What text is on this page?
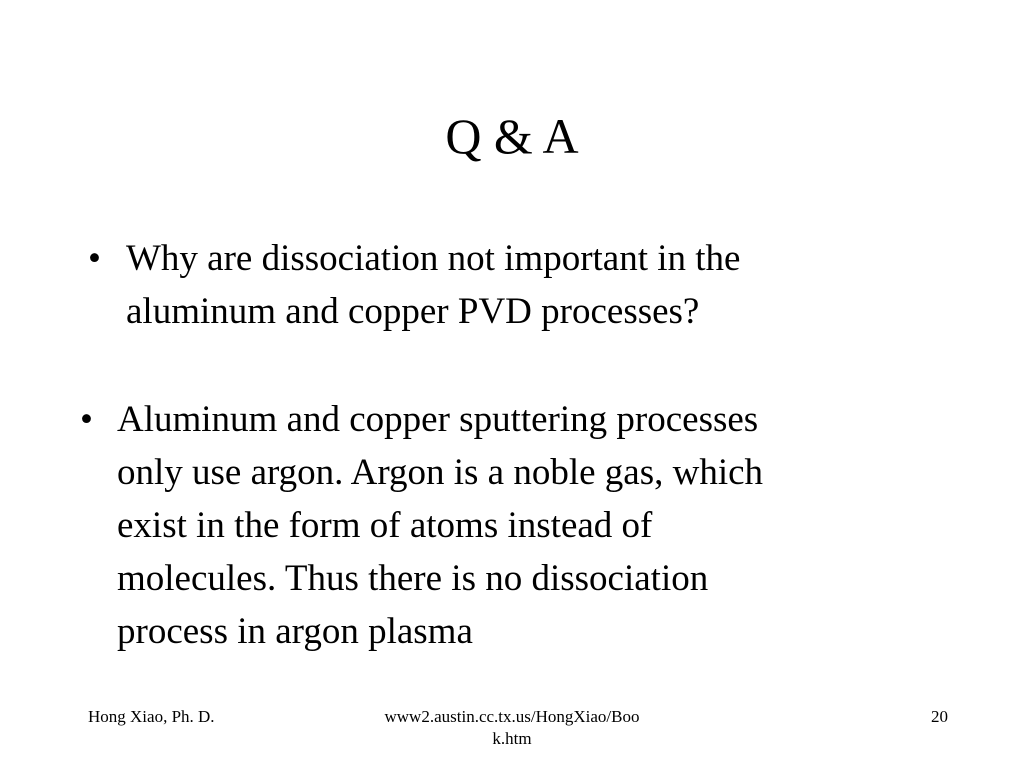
Q & A
• Why are dissociation not important in the
aluminum and copper PVD processes?
• Aluminum and copper sputtering processes
only use argon. Argon is a noble gas, which
exist in the form of atoms instead of
molecules. Thus there is no dissociation
process in argon plasma
Hong Xiao, Ph. D.	www2.austin.cc.tx.us/HongXiao/Boo
k.htm
20
